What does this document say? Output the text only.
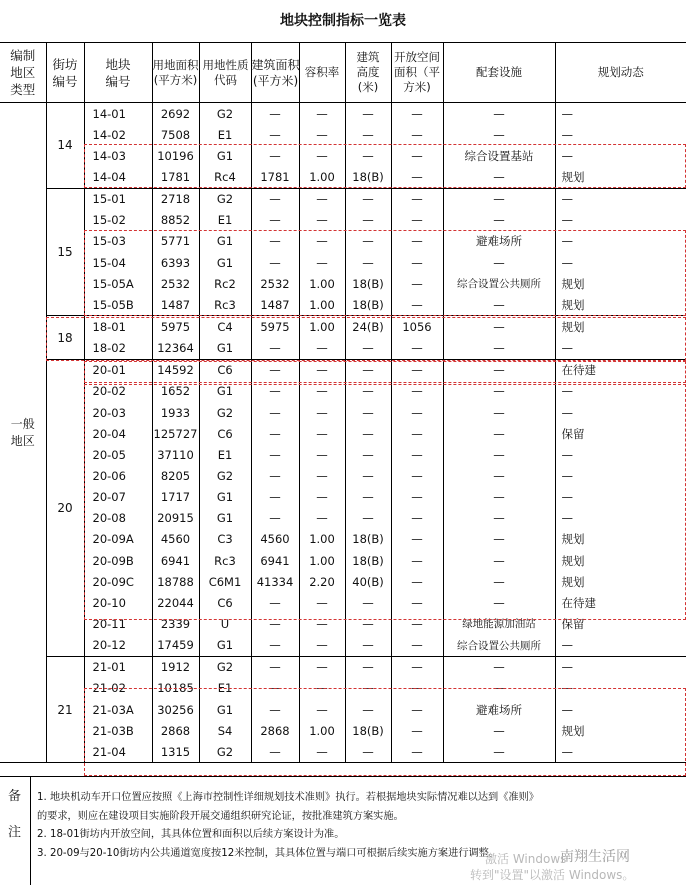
地块控制指标一览表
编制地区类型	街坊编号	地块编号	用地面积(平方米)	用地性质代码	建筑面积(平方米)	容积率	建筑高度(米)	开放空间面积（平方米)	配套设施	规划动态

一般地区	14	14-01	2692	G2	—	—	—	—	—	—
		14-02	7508	E1	—	—	—	—	—	—
		14-03	10196	G1	—	—	—	—	综合设置基站	—
		14-04	1781	Rc4	1781	1.00	18(B)	—	—	规划
	15	15-01	2718	G2	—	—	—	—	—	—
		15-02	8852	E1	—	—	—	—	—	—
		15-03	5771	G1	—	—	—	—	避难场所	—
		15-04	6393	G1	—	—	—	—	—	—
		15-05A	2532	Rc2	2532	1.00	18(B)	—	综合设置公共厕所	规划
		15-05B	1487	Rc3	1487	1.00	18(B)	—	—	规划
	18	18-01	5975	C4	5975	1.00	24(B)	1056	—	规划
		18-02	12364	G1	—	—	—	—	—	—
	20	20-01	14592	C6	—	—	—	—	—	在待建
		20-02	1652	G1	—	—	—	—	—	—
		20-03	1933	G2	—	—	—	—	—	—
		20-04	125727	C6	—	—	—	—	—	保留
		20-05	37110	E1	—	—	—	—	—	—
		20-06	8205	G2	—	—	—	—	—	—
		20-07	1717	G1	—	—	—	—	—	—
		20-08	20915	G1	—	—	—	—	—	—
		20-09A	4560	C3	4560	1.00	18(B)	—	—	规划
		20-09B	6941	Rc3	6941	1.00	18(B)	—	—	规划
		20-09C	18788	C6M1	41334	2.20	40(B)	—	—	规划
		20-10	22044	C6	—	—	—	—	—	在待建
		20-11	2339	U	—	—	—	—	绿地能源加油站	保留
		20-12	17459	G1	—	—	—	—	综合设置公共厕所	—
	21	21-01	1912	G2	—	—	—	—	—	—
		21-02	10185	E1	—	—	—	—	—	—
		21-03A	30256	G1	—	—	—	—	避难场所	—
		21-03B	2868	S4	2868	1.00	18(B)	—	—	规划
		21-04	1315	G2	—	—	—	—	—	—
备
注
1. 地块机动车开口位置应按照《上海市控制性详细规划技术准则》执行。若根据地块实际情况难以达到《准则》
的要求，则应在建设项目实施阶段开展交通组织研究论证，按批准建筑方案实施。
2. 18-01街坊内开放空间，其具体位置和面积以后续方案设计为准。
3. 20-09与20-10街坊内公共通道宽度按12米控制，其具体位置与端口可根据后续实施方案进行调整。	南翔生活网
激活 Windows
转到"设置"以激活 Windows。
